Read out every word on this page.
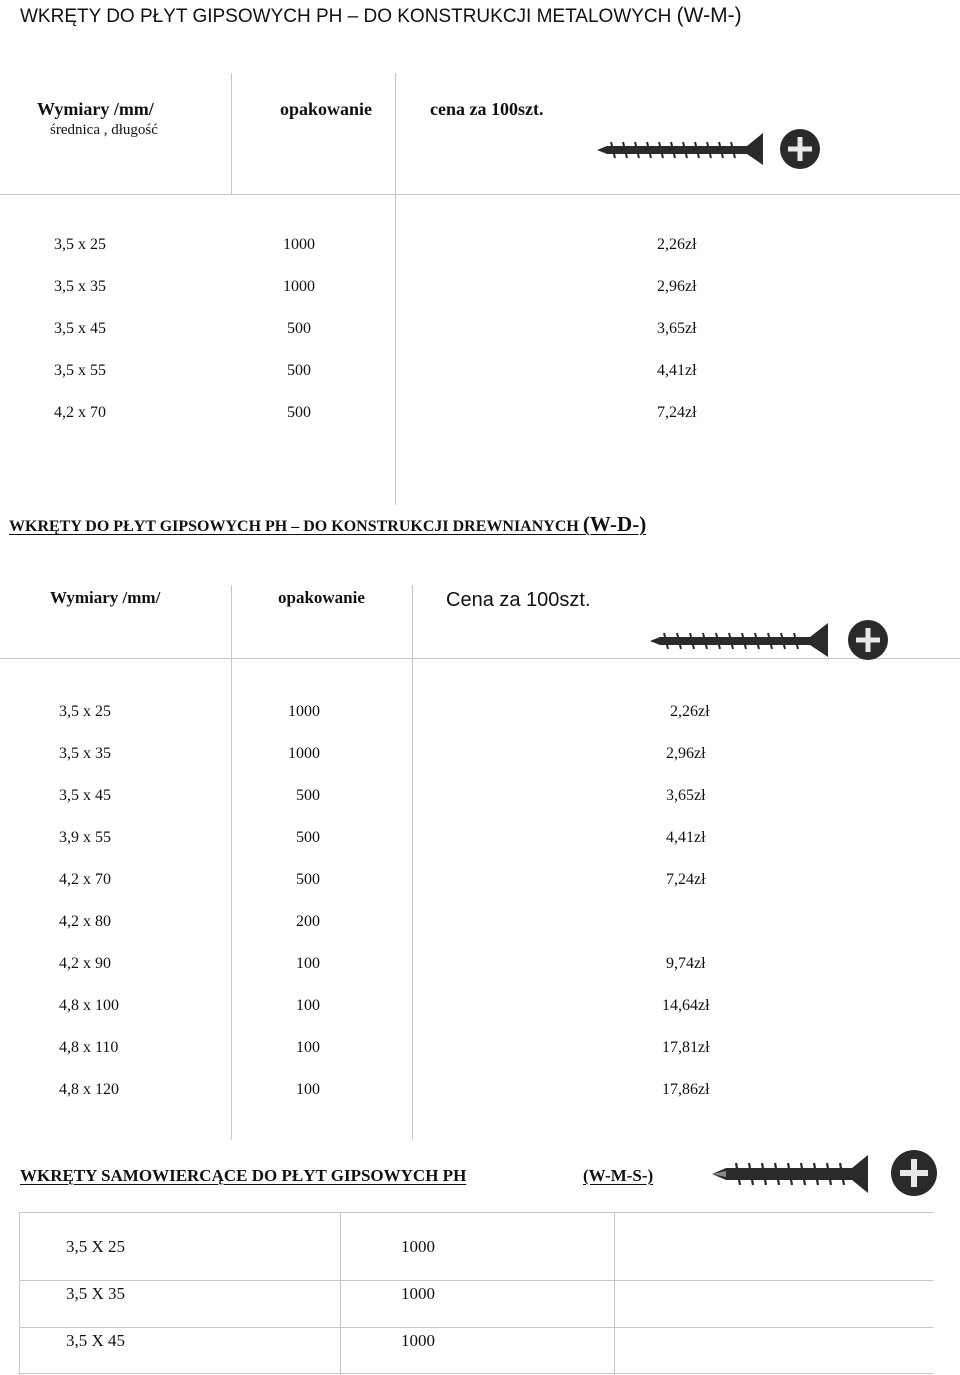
WKRĘTY DO PŁYT GIPSOWYCH PH – DO KONSTRUKCJI METALOWYCH (W-M-)
Wymiary /mm/
średnica , długość
opakowanie	cena za 100szt.
3,5 x 25	1000	2,26zł
3,5 x 35	1000	2,96zł
3,5 x 45	500	3,65zł
3,5 x 55	500	4,41zł
4,2 x 70	500	7,24zł
WKRĘTY DO PŁYT GIPSOWYCH PH – DO KONSTRUKCJI DREWNIANYCH (W-D-)
Wymiary /mm/	opakowanie	Cena za 100szt.
3,5 x 25	1000	2,26zł
3,5 x 35	1000	2,96zł
3,5 x 45	500	3,65zł
3,9 x 55	500	4,41zł
4,2 x 70	500	7,24zł
4,2 x 80	200
4,2 x 90	100	9,74zł
4,8 x 100	100	14,64zł
4,8 x 110	100	17,81zł
4,8 x 120	100	17,86zł
WKRĘTY SAMOWIERCĄCE DO PŁYT GIPSOWYCH PH	(W-M-S-)
3,5 X 25	1000
3,5 X 35	1000
3,5 X 45	1000
